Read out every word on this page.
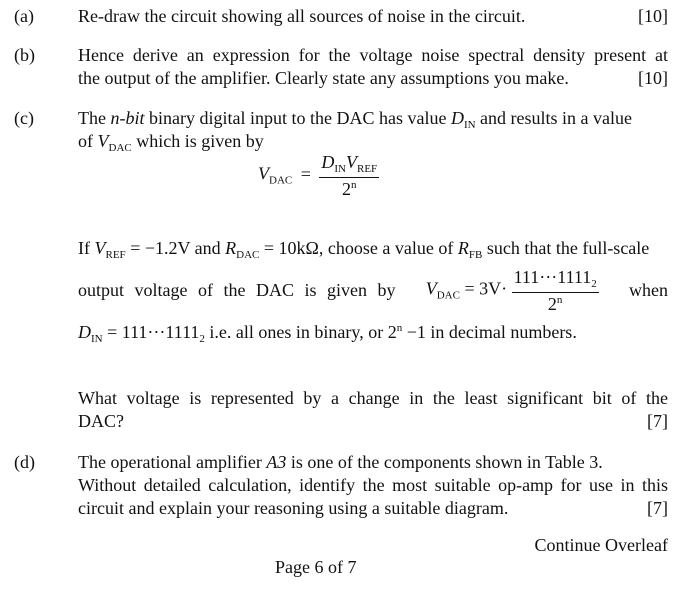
(a) Re-draw the circuit showing all sources of noise in the circuit.	[10]
(b) Hence derive an expression for the voltage noise spectral density present at
the output of the amplifier. Clearly state any assumptions you make.	[10]
(c) The n-bit binary digital input to the DAC has value $D_{IN}$ and results in a value
of $V_{DAC}$ which is given by
$V_{DAC} = \frac{D_{IN}V_{REF}}{2^n}$
If $V_{REF} = -1.2V$ and $R_{DAC} = 10k\Omega$, choose a value of $R_{FB}$ such that the full-scale
output voltage of the DAC is given by $V_{DAC} = 3V\cdot \frac{111\cdot\cdot\cdot 1111_2}{2^n}$ when
$D_{IN} = 111\cdot\cdot\cdot 1111_2$ i.e. all ones in binary, or $2^n -1$ in decimal numbers.
What voltage is represented by a change in the least significant bit of the
DAC?	[7]
(d) The operational amplifier A3 is one of the components shown in Table 3.
Without detailed calculation, identify the most suitable op-amp for use in this
circuit and explain your reasoning using a suitable diagram.	[7]
Continue Overleaf
Page 6 of 7
